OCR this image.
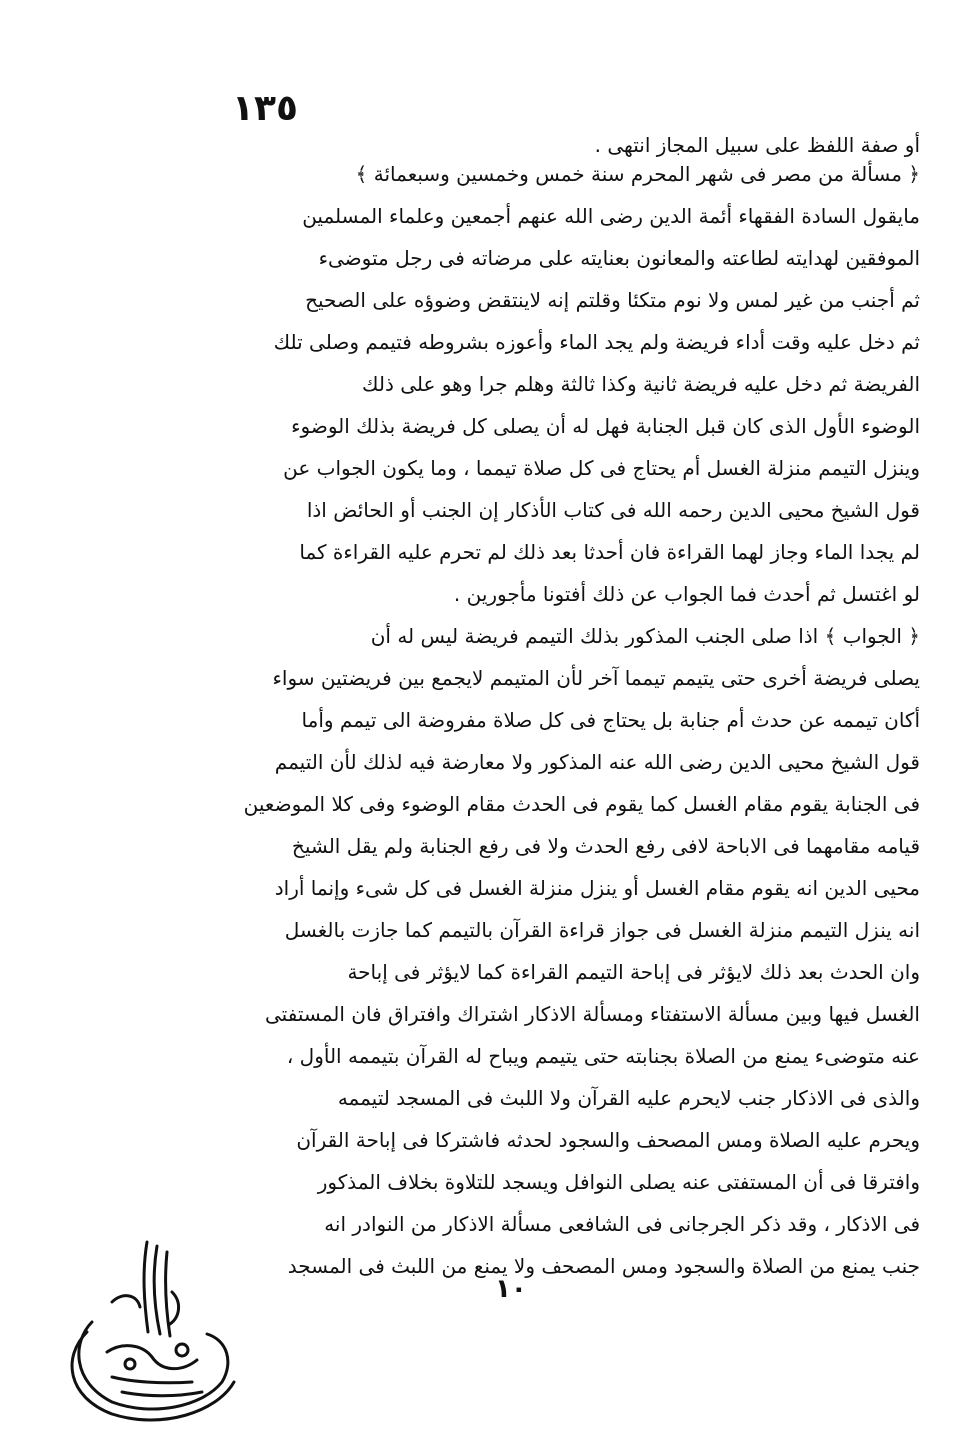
١٣٥
أو صفة اللفظ على سبيل المجاز انتهى .
﴿ مسألة من مصر فى شهر المحرم سنة خمس وخمسين وسبعمائة ﴾
مايقول السادة الفقهاء أئمة الدين رضى الله عنهم أجمعين وعلماء المسلمين
الموفقين لهدايته لطاعته والمعانون بعنايته على مرضاته فى رجل متوضىء
ثم أجنب من غير لمس ولا نوم متكئا وقلتم إنه لاينتقض وضوؤه على الصحيح
ثم دخل عليه وقت أداء فريضة ولم يجد الماء وأعوزه بشروطه فتيمم وصلى تلك
الفريضة ثم دخل عليه فريضة ثانية وكذا ثالثة وهلم جرا وهو على ذلك
الوضوء الأول الذى كان قبل الجنابة فهل له أن يصلى كل فريضة بذلك الوضوء
وينزل التيمم منزلة الغسل أم يحتاج فى كل صلاة تيمما ، وما يكون الجواب عن
قول الشيخ محيى الدين رحمه الله فى كتاب الأذكار إن الجنب أو الحائض اذا
لم يجدا الماء وجاز لهما القراءة فان أحدثا بعد ذلك لم تحرم عليه القراءة كما
لو اغتسل ثم أحدث فما الجواب عن ذلك أفتونا مأجورين .
﴿ الجواب ﴾ اذا صلى الجنب المذكور بذلك التيمم فريضة ليس له أن
يصلى فريضة أخرى حتى يتيمم تيمما آخر لأن المتيمم لايجمع بين فريضتين سواء
أكان تيممه عن حدث أم جنابة بل يحتاج فى كل صلاة مفروضة الى تيمم وأما
قول الشيخ محيى الدين رضى الله عنه المذكور ولا معارضة فيه لذلك لأن التيمم
فى الجنابة يقوم مقام الغسل كما يقوم فى الحدث مقام الوضوء وفى كلا الموضعين
قيامه مقامهما فى الاباحة لافى رفع الحدث ولا فى رفع الجنابة ولم يقل الشيخ
محيى الدين انه يقوم مقام الغسل أو ينزل منزلة الغسل فى كل شىء وإنما أراد
انه ينزل التيمم منزلة الغسل فى جواز قراءة القرآن بالتيمم كما جازت بالغسل
وان الحدث بعد ذلك لايؤثر فى إباحة التيمم القراءة كما لايؤثر فى إباحة
الغسل فيها وبين مسألة الاستفتاء ومسألة الاذكار اشتراك وافتراق فان المستفتى
عنه متوضىء يمنع من الصلاة بجنابته حتى يتيمم ويباح له القرآن بتيممه الأول ،
والذى فى الاذكار جنب لايحرم عليه القرآن ولا اللبث فى المسجد لتيممه
ويحرم عليه الصلاة ومس المصحف والسجود لحدثه فاشتركا فى إباحة القرآن
وافترقا فى أن المستفتى عنه يصلى النوافل ويسجد للتلاوة بخلاف المذكور
فى الاذكار ، وقد ذكر الجرجانى فى الشافعى مسألة الاذكار من النوادر انه
جنب يمنع من الصلاة والسجود ومس المصحف ولا يمنع من اللبث فى المسجد
١٠
